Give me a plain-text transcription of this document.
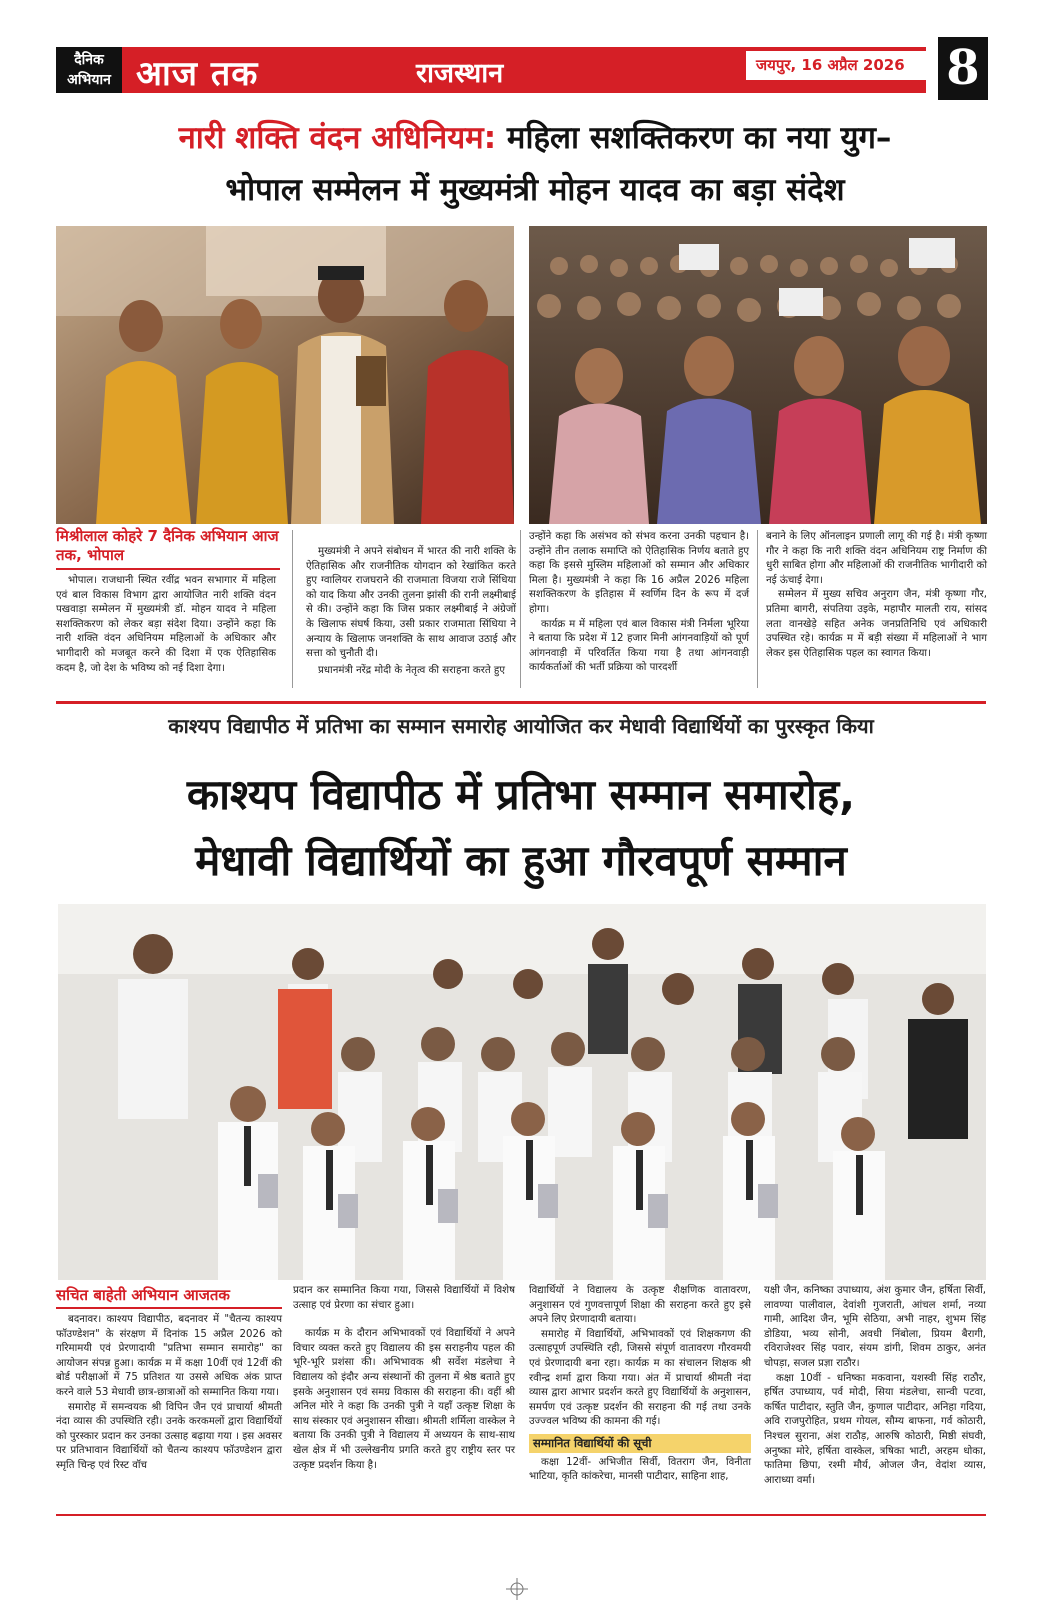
दैनिक
अभियान आज तक	राजस्थान	जयपुर, 16 अप्रैल 2026 8
नारी शक्ति वंदन अधिनियम: महिला सशक्तिकरण का नया युग–
भोपाल सम्मेलन में मुख्यमंत्री मोहन यादव का बड़ा संदेश
मिश्रीलाल कोहरे 7 दैनिक अभियान आज तक, भोपाल

भोपाल। राजधानी स्थित रवींद्र भवन सभागार में महिला एवं बाल विकास विभाग द्वारा आयोजित नारी शक्ति वंदन पखवाड़ा सम्मेलन में मुख्यमंत्री डॉ. मोहन यादव ने महिला सशक्तिकरण को लेकर बड़ा संदेश दिया। उन्होंने कहा कि नारी शक्ति वंदन अधिनियम महिलाओं के अधिकार और भागीदारी को मजबूत करने की दिशा में एक ऐतिहासिक कदम है, जो देश के भविष्य को नई दिशा देगा।

मुख्यमंत्री ने अपने संबोधन में भारत की नारी शक्ति के ऐतिहासिक और राजनीतिक योगदान को रेखांकित करते हुए ग्वालियर राजघराने की राजमाता विजया राजे सिंधिया को याद किया और उनकी तुलना झांसी की रानी लक्ष्मीबाई से की। उन्होंने कहा कि जिस प्रकार लक्ष्मीबाई ने अंग्रेजों के खिलाफ संघर्ष किया, उसी प्रकार राजमाता सिंधिया ने अन्याय के खिलाफ जनशक्ति के साथ आवाज उठाई और सत्ता को चुनौती दी।

प्रधानमंत्री नरेंद्र मोदी के नेतृत्व की सराहना करते हुए

उन्होंने कहा कि असंभव को संभव करना उनकी पहचान है। उन्होंने तीन तलाक समाप्ति को ऐतिहासिक निर्णय बताते हुए कहा कि इससे मुस्लिम महिलाओं को सम्मान और अधिकार मिला है। मुख्यमंत्री ने कहा कि 16 अप्रैल 2026 महिला सशक्तिकरण के इतिहास में स्वर्णिम दिन के रूप में दर्ज होगा।

कार्यक्र म में महिला एवं बाल विकास मंत्री निर्मला भूरिया ने बताया कि प्रदेश में 12 हजार मिनी आंगनवाड़ियों को पूर्ण आंगनवाड़ी में परिवर्तित किया गया है तथा आंगनवाड़ी कार्यकर्ताओं की भर्ती प्रक्रिया को पारदर्शी

बनाने के लिए ऑनलाइन प्रणाली लागू की गई है। मंत्री कृष्णा गौर ने कहा कि नारी शक्ति वंदन अधिनियम राष्ट्र निर्माण की धुरी साबित होगा और महिलाओं की राजनीतिक भागीदारी को नई ऊंचाई देगा।

सम्मेलन में मुख्य सचिव अनुराग जैन, मंत्री कृष्णा गौर, प्रतिमा बागरी, संपतिया उइके, महापौर मालती राय, सांसद लता वानखेड़े सहित अनेक जनप्रतिनिधि एवं अधिकारी उपस्थित रहे। कार्यक्र म में बड़ी संख्या में महिलाओं ने भाग लेकर इस ऐतिहासिक पहल का स्वागत किया।

काश्यप विद्यापीठ में प्रतिभा का सम्मान समारोह आयोजित कर मेधावी विद्यार्थियों का पुरस्कृत किया
काश्यप विद्यापीठ में प्रतिभा सम्मान समारोह,
मेधावी विद्यार्थियों का हुआ गौरवपूर्ण सम्मान
सचित बाहेती अभियान आजतक

बदनावर। काश्यप विद्यापीठ, बदनावर में "चैतन्य काश्यप फॉउण्डेशन" के संरक्षण में दिनांक 15 अप्रैल 2026 को गरिमामयी एवं प्रेरणादायी "प्रतिभा सम्मान समारोह" का आयोजन संपन्न हुआ। कार्यक्र म में कक्षा 10वीं एवं 12वीं की बोर्ड परीक्षाओं में 75 प्रतिशत या उससे अधिक अंक प्राप्त करने वाले 53 मेधावी छात्र-छात्राओं को सम्मानित किया गया।

समारोह में समन्वयक श्री विपिन जैन एवं प्राचार्या श्रीमती नंदा व्यास की उपस्थिति रही। उनके करकमलों द्वारा विद्यार्थियों को पुरस्कार प्रदान कर उनका उत्साह बढ़ाया गया । इस अवसर पर प्रतिभावान विद्यार्थियों को चैतन्य काश्यप फॉउण्डेशन द्वारा स्मृति चिन्ह एवं रिस्ट वॉच

प्रदान कर सम्मानित किया गया, जिससे विद्यार्थियों में विशेष उत्साह एवं प्रेरणा का संचार हुआ।

कार्यक्र म के दौरान अभिभावकों एवं विद्यार्थियों ने अपने विचार व्यक्त करते हुए विद्यालय की इस सराहनीय पहल की भूरि-भूरि प्रशंसा की। अभिभावक श्री सर्वेश मंडलेचा ने विद्यालय को इंदौर अन्य संस्थानों की तुलना में श्रेष्ठ बताते हुए इसके अनुशासन एवं समग्र विकास की सराहना की। वहीं श्री अनिल मोरे ने कहा कि उनकी पुत्री ने यहाँ उत्कृष्ट शिक्षा के साथ संस्कार एवं अनुशासन सीखा। श्रीमती शर्मिला वास्केल ने बताया कि उनकी पुत्री ने विद्यालय में अध्ययन के साथ-साथ खेल क्षेत्र में भी उल्लेखनीय प्रगति करते हुए राष्ट्रीय स्तर पर उत्कृष्ट प्रदर्शन किया है।

विद्यार्थियों ने विद्यालय के उत्कृष्ट शैक्षणिक वातावरण, अनुशासन एवं गुणवत्तापूर्ण शिक्षा की सराहना करते हुए इसे अपने लिए प्रेरणादायी बताया।

समारोह में विद्यार्थियों, अभिभावकों एवं शिक्षकगण की उत्साहपूर्ण उपस्थिति रही, जिससे संपूर्ण वातावरण गौरवमयी एवं प्रेरणादायी बना रहा। कार्यक्र म का संचालन शिक्षक श्री रवीन्द्र शर्मा द्वारा किया गया। अंत में प्राचार्या श्रीमती नंदा व्यास द्वारा आभार प्रदर्शन करते हुए विद्यार्थियों के अनुशासन, समर्पण एवं उत्कृष्ट प्रदर्शन की सराहना की गई तथा उनके उज्ज्वल भविष्य की कामना की गई।

सम्मानित विद्यार्थियों की सूची

कक्षा 12वीं- अभिजीत सिर्वी, वितराग जैन, विनीता भाटिया, कृति कांकरेचा, मानसी पाटीदार, साहिना शाह,

यक्षी जैन, कनिष्का उपाध्याय, अंश कुमार जैन, हर्षिता सिर्वी, लावण्या पालीवाल, देवांशी गुजराती, आंचल शर्मा, नव्या गामी, आदिश जैन, भूमि सेठिया, अभी नाहर, शुभम सिंह डोडिया, भव्य सोनी, अवधी निंबोला, प्रियम बैरागी, रविराजेश्वर सिंह पवार, संयम डांगी, शिवम ठाकुर, अनंत चोपड़ा, सजल प्रज्ञा राठौर।

कक्षा 10वीं - धनिष्का मकवाना, यशस्वी सिंह राठौर, हर्षित उपाध्याय, पर्व मोदी, सिया मंडलेचा, सान्वी पटवा, कर्षित पाटीदार, स्तुति जैन, कुणाल पाटीदार, अनिहा गदिया, अवि राजपुरोहित, प्रथम गोयल, सौम्य बाफना, गर्व कोठारी, निश्चल सुराना, अंश राठौड़, आरुषि कोठारी, मिष्ठी संघवी, अनुष्का मोरे, हर्षिता वास्केल, त्रषिका भाटी, अरहम धोका, फातिमा छिपा, रश्मी मौर्य, ओजल जैन, वेदांश व्यास, आराध्या वर्मा।
